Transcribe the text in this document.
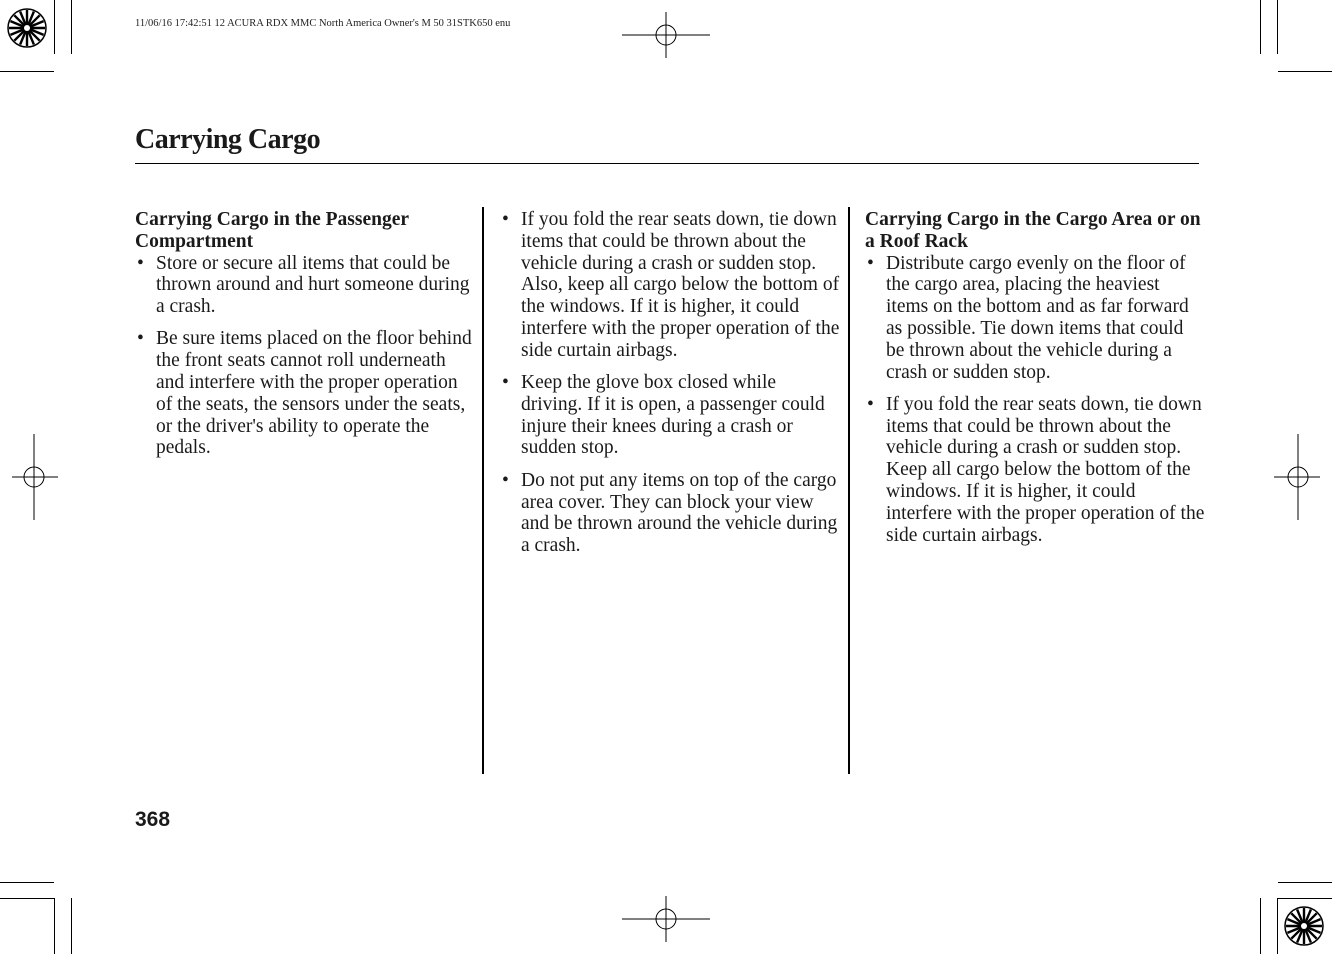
11/06/16 17:42:51 12 ACURA RDX MMC North America Owner's M 50 31STK650 enu
Carrying Cargo
Carrying Cargo in the Passenger Compartment
• Store or secure all items that could be thrown around and hurt someone during a crash.
• Be sure items placed on the floor behind the front seats cannot roll underneath and interfere with the proper operation of the seats, the sensors under the seats, or the driver's ability to operate the pedals.
• If you fold the rear seats down, tie down items that could be thrown about the vehicle during a crash or sudden stop. Also, keep all cargo below the bottom of the windows. If it is higher, it could interfere with the proper operation of the side curtain airbags.
• Keep the glove box closed while driving. If it is open, a passenger could injure their knees during a crash or sudden stop.
• Do not put any items on top of the cargo area cover. They can block your view and be thrown around the vehicle during a crash.
Carrying Cargo in the Cargo Area or on a Roof Rack
• Distribute cargo evenly on the floor of the cargo area, placing the heaviest items on the bottom and as far forward as possible. Tie down items that could be thrown about the vehicle during a crash or sudden stop.
• If you fold the rear seats down, tie down items that could be thrown about the vehicle during a crash or sudden stop. Keep all cargo below the bottom of the windows. If it is higher, it could interfere with the proper operation of the side curtain airbags.
368
